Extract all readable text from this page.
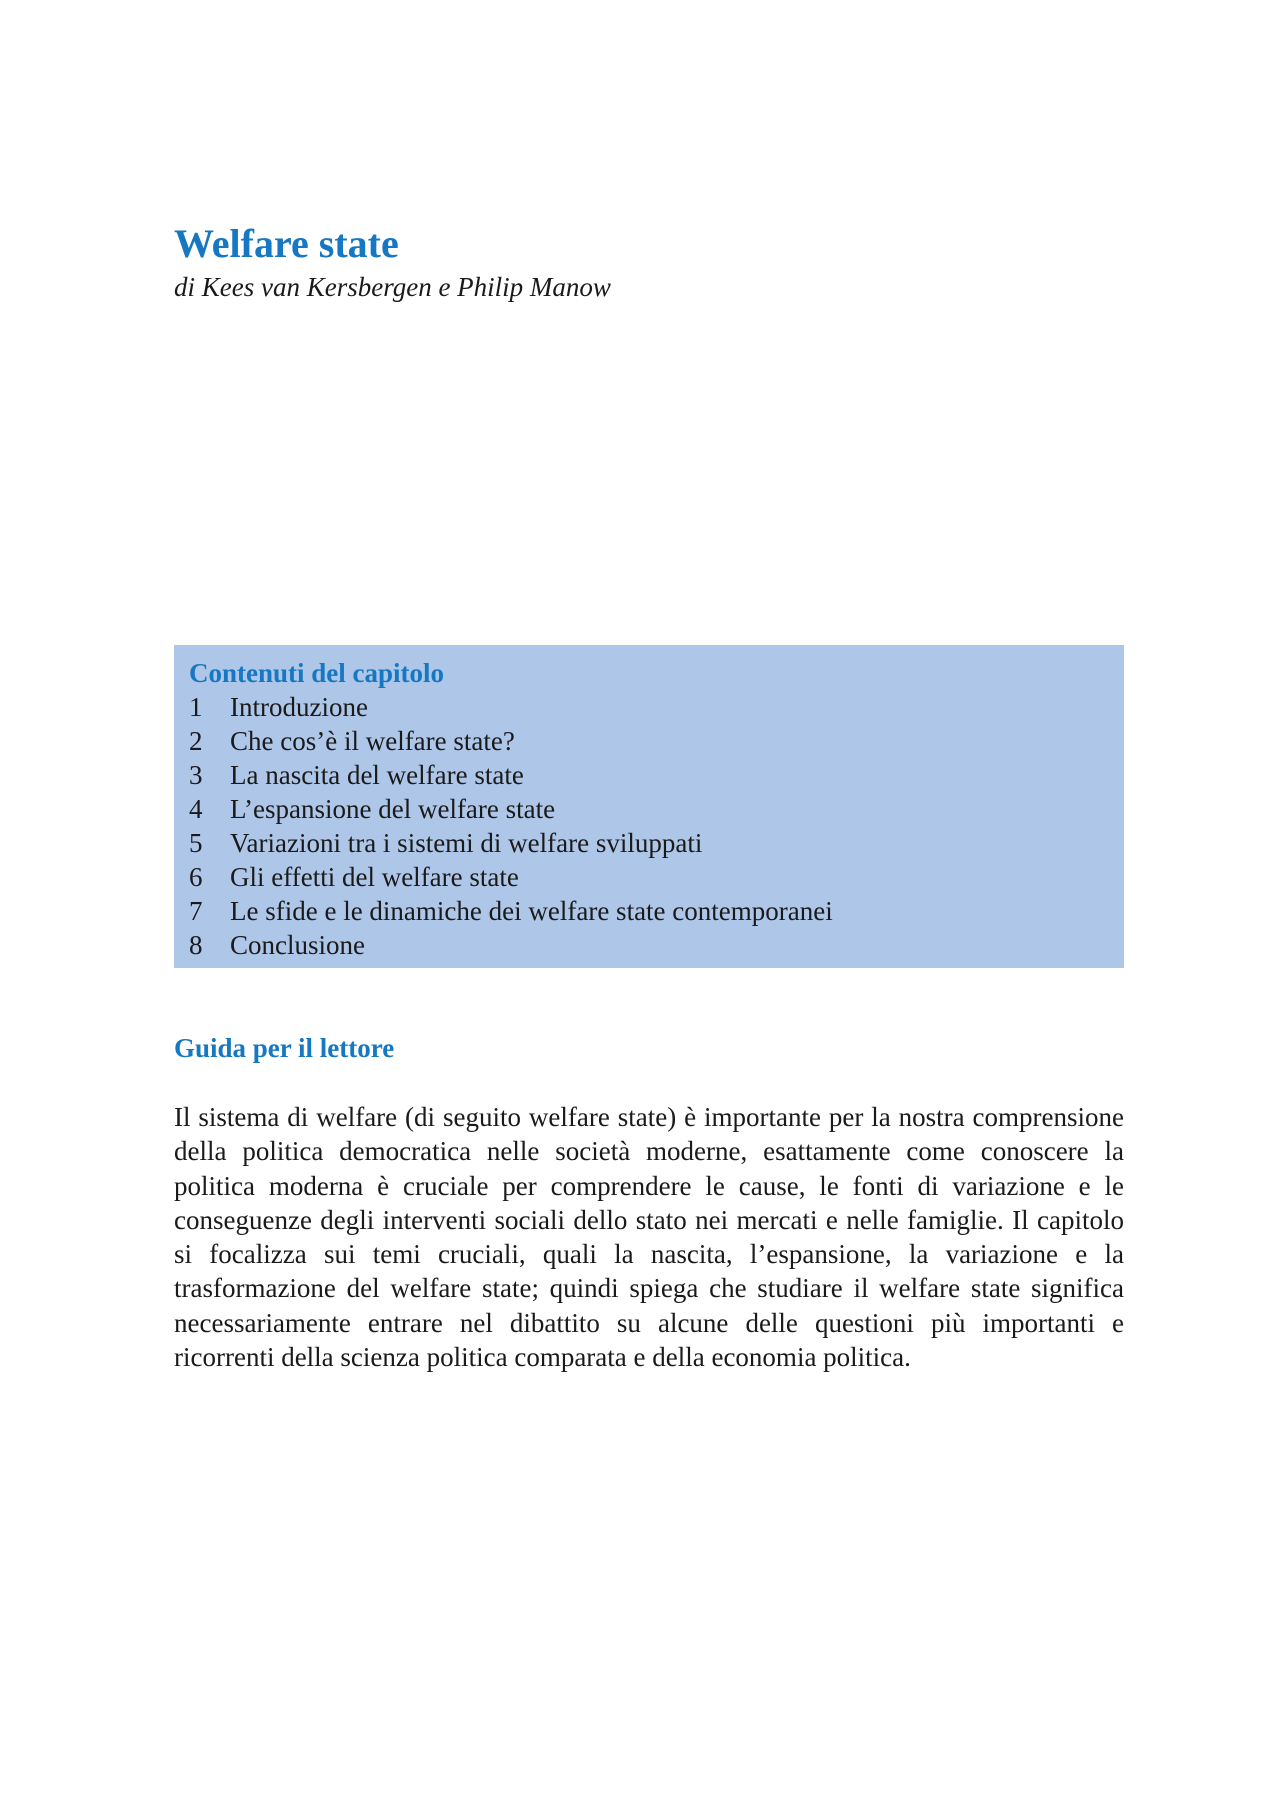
Welfare state

di Kees van Kersbergen e Philip Manow

Contenuti del capitolo
1	Introduzione
2	Che cos’è il welfare state?
3	La nascita del welfare state
4	L’espansione del welfare state
5	Variazioni tra i sistemi di welfare sviluppati
6	Gli effetti del welfare state
7	Le sfide e le dinamiche dei welfare state contemporanei
8	Conclusione
Guida per il lettore

Il sistema di welfare (di seguito welfare state) è importante per la nostra comprensione della politica democratica nelle società moderne, esattamente come conoscere la politica moderna è cruciale per comprendere le cause, le fonti di variazione e le conseguenze degli interventi sociali dello stato nei mercati e nelle famiglie. Il capitolo si focalizza sui temi cruciali, quali la nascita, l’espansione, la variazione e la trasformazione del welfare state; quindi spiega che studiare il welfare state significa necessariamente entrare nel dibattito su alcune delle questioni più importanti e ricorrenti della scienza politica comparata e della economia politica.
